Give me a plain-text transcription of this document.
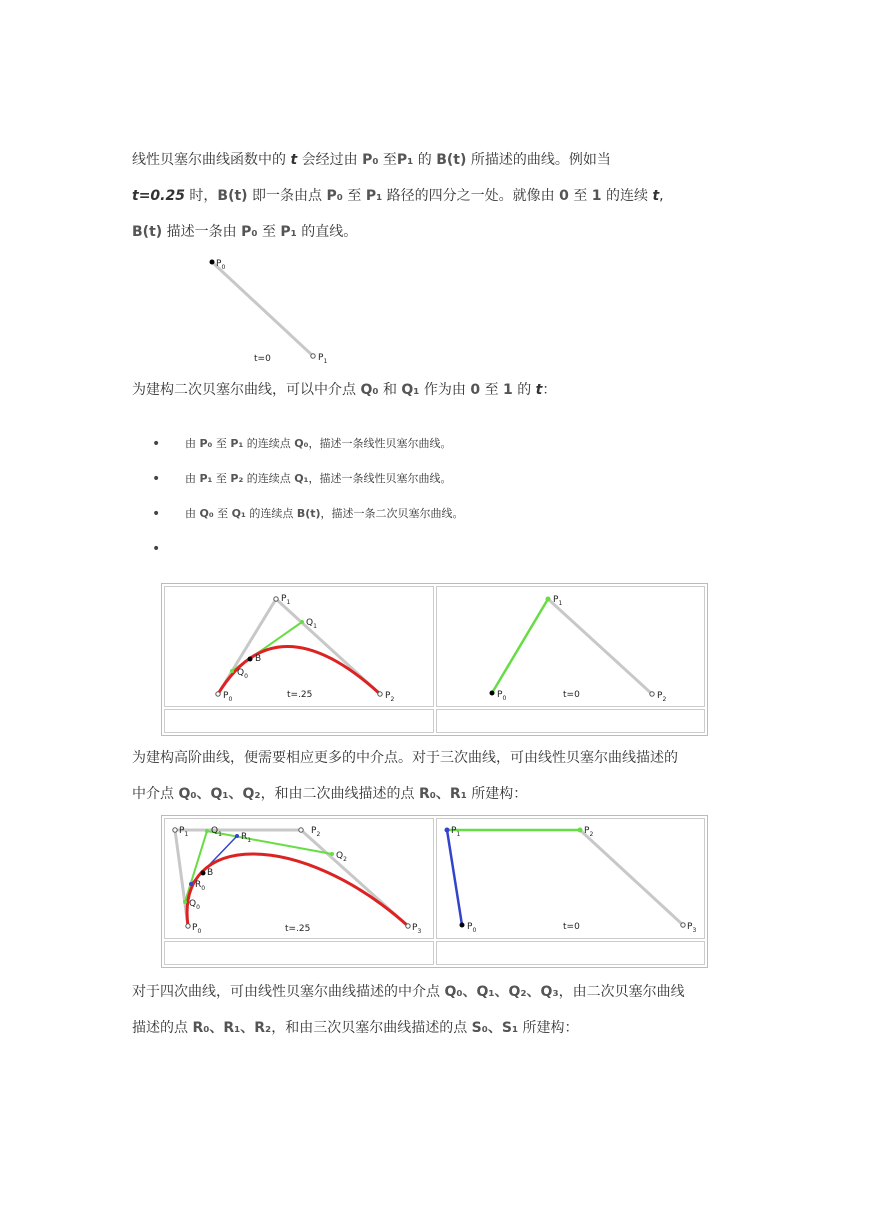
线性贝塞尔曲线函数中的 t 会经过由 P₀ 至P₁ 的 B(t) 所描述的曲线。例如当
t=0.25 时，B(t) 即一条由点 P₀ 至 P₁ 路径的四分之一处。就像由 0 至 1 的连续 t,
B(t) 描述一条由 P₀ 至 P₁ 的直线。
$P_0$
$P_1$
t=0
为建构二次贝塞尔曲线，可以中介点 Q₀ 和 Q₁ 作为由 0 至 1 的 t：
• 由 P₀ 至 P₁ 的连续点 Q₀，描述一条线性贝塞尔曲线。
• 由 P₁ 至 P₂ 的连续点 Q₁，描述一条线性贝塞尔曲线。
• 由 Q₀ 至 Q₁ 的连续点 B(t)，描述一条二次贝塞尔曲线。
•
$P_0$
$P_1$
$P_2$
$Q_0$
$Q_1$
B
t=.25	$P_0$
$P_1$
$P_2$
t=0
为建构高阶曲线，便需要相应更多的中介点。对于三次曲线，可由线性贝塞尔曲线描述的
中介点 Q₀、Q₁、Q₂，和由二次曲线描述的点 R₀、R₁ 所建构：
$P_1$	$Q_1$ $R_1$
$P_2$
$Q_2$
B
$R_0$
$Q_0$
$P_0$	$P_3$
t=.25
$P_1$	$P_2$
$P_0$	$P_3$
t=0
对于四次曲线，可由线性贝塞尔曲线描述的中介点 Q₀、Q₁、Q₂、Q₃，由二次贝塞尔曲线
描述的点 R₀、R₁、R₂，和由三次贝塞尔曲线描述的点 S₀、S₁ 所建构：
